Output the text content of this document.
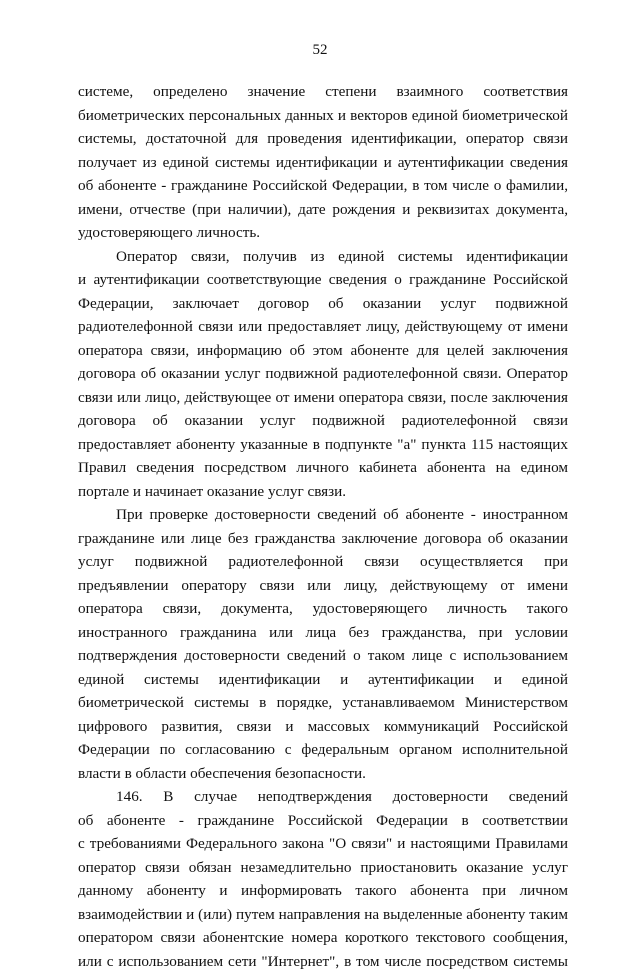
52
системе, определено значение степени взаимного соответствия
биометрических персональных данных и векторов единой биометрической
системы, достаточной для проведения идентификации, оператор связи
получает из единой системы идентификации и аутентификации сведения
об абоненте - гражданине Российской Федерации, в том числе о фамилии,
имени, отчестве (при наличии), дате рождения и реквизитах документа,
удостоверяющего личность.
Оператор связи, получив из единой системы идентификации
и аутентификации соответствующие сведения о гражданине Российской
Федерации, заключает договор об оказании услуг подвижной
радиотелефонной связи или предоставляет лицу, действующему от имени
оператора связи, информацию об этом абоненте для целей заключения
договора об оказании услуг подвижной радиотелефонной связи. Оператор
связи или лицо, действующее от имени оператора связи, после заключения
договора об оказании услуг подвижной радиотелефонной связи
предоставляет абоненту указанные в подпункте "а" пункта 115 настоящих
Правил сведения посредством личного кабинета абонента на едином
портале и начинает оказание услуг связи.
При проверке достоверности сведений об абоненте - иностранном
гражданине или лице без гражданства заключение договора об оказании
услуг подвижной радиотелефонной связи осуществляется при
предъявлении оператору связи или лицу, действующему от имени
оператора связи, документа, удостоверяющего личность такого
иностранного гражданина или лица без гражданства, при условии
подтверждения достоверности сведений о таком лице с использованием
единой системы идентификации и аутентификации и единой
биометрической системы в порядке, устанавливаемом Министерством
цифрового развития, связи и массовых коммуникаций Российской
Федерации по согласованию с федеральным органом исполнительной
власти в области обеспечения безопасности.
146. В случае неподтверждения достоверности сведений
об абоненте - гражданине Российской Федерации в соответствии
с требованиями Федерального закона "О связи" и настоящими Правилами
оператор связи обязан незамедлительно приостановить оказание услуг
данному абоненту и информировать такого абонента при личном
взаимодействии и (или) путем направления на выделенные абоненту таким
оператором связи абонентские номера короткого текстового сообщения,
или с использованием сети "Интернет", в том числе посредством системы
